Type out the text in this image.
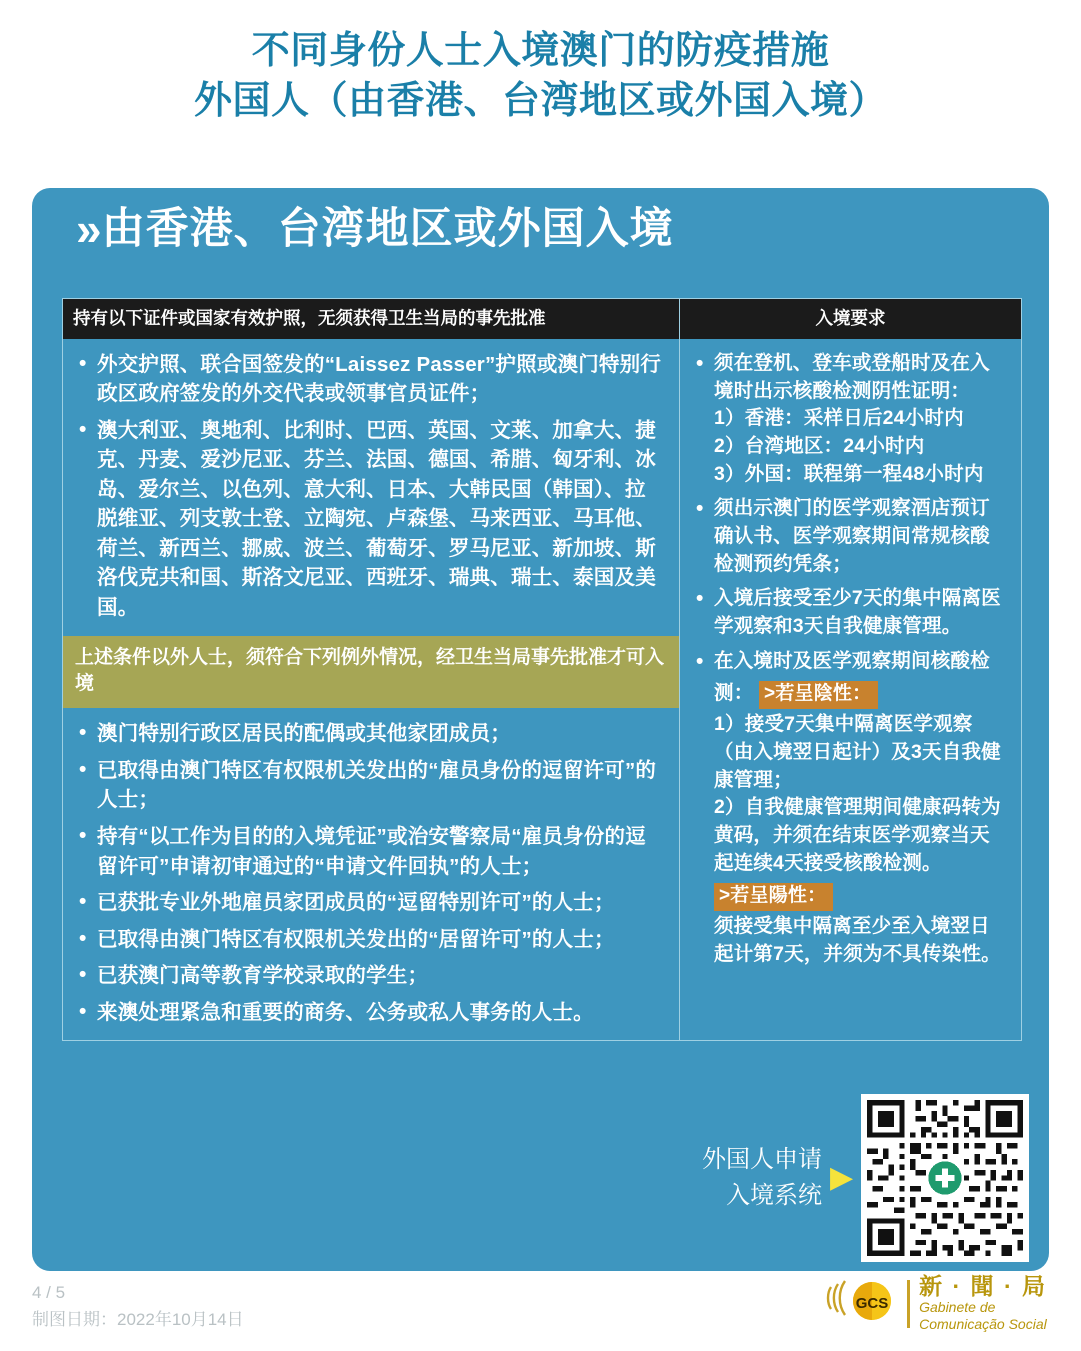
不同身份人士入境澳门的防疫措施
外国人（由香港、台湾地区或外国入境）
» 由香港、台湾地区或外国入境
持有以下证件或国家有效护照，无须获得卫生当局的事先批准
• 外交护照、联合国签发的“Laissez Passer”护照或澳门特别行政区政府签发的外交代表或领事官员证件；
• 澳大利亚、奥地利、比利时、巴西、英国、文莱、加拿大、捷克、丹麦、爱沙尼亚、芬兰、法国、德国、希腊、匈牙利、冰岛、爱尔兰、以色列、意大利、日本、大韩民国（韩国）、拉脱维亚、列支敦士登、立陶宛、卢森堡、马来西亚、马耳他、荷兰、新西兰、挪威、波兰、葡萄牙、罗马尼亚、新加坡、斯洛伐克共和国、斯洛文尼亚、西班牙、瑞典、瑞士、泰国及美国。
上述条件以外人士，须符合下列例外情况，经卫生当局事先批准才可入境
• 澳门特别行政区居民的配偶或其他家团成员；
• 已取得由澳门特区有权限机关发出的“雇员身份的逗留许可”的人士；
• 持有“以工作为目的的入境凭证”或治安警察局“雇员身份的逗留许可”申请初审通过的“申请文件回执”的人士；
• 已获批专业外地雇员家团成员的“逗留特别许可”的人士；
• 已取得由澳门特区有权限机关发出的“居留许可”的人士；
• 已获澳门高等教育学校录取的学生；
• 来澳处理紧急和重要的商务、公务或私人事务的人士。
入境要求
• 须在登机、登车或登船时及在入境时出示核酸检测阴性证明：
1）香港：采样日后24小时内
2）台湾地区：24小时内
3）外国：联程第一程48小时内
• 须出示澳门的医学观察酒店预订确认书、医学观察期间常规核酸检测预约凭条；
• 入境后接受至少7天的集中隔离医学观察和3天自我健康管理。
• 在入境时及医学观察期间核酸检测： >若呈陰性：
1）接受7天集中隔离医学观察（由入境翌日起计）及3天自我健康管理；
2）自我健康管理期间健康码转为黄码，并须在结束医学观察当天起连续4天接受核酸检测。
>若呈陽性：
须接受集中隔离至少至入境翌日起计第7天，并须为不具传染性。
外国人申请
入境系统
▶
4 / 5
制图日期：2022年10月14日
GCS
新 · 聞 · 局
Gabinete de
Comunicação Social
